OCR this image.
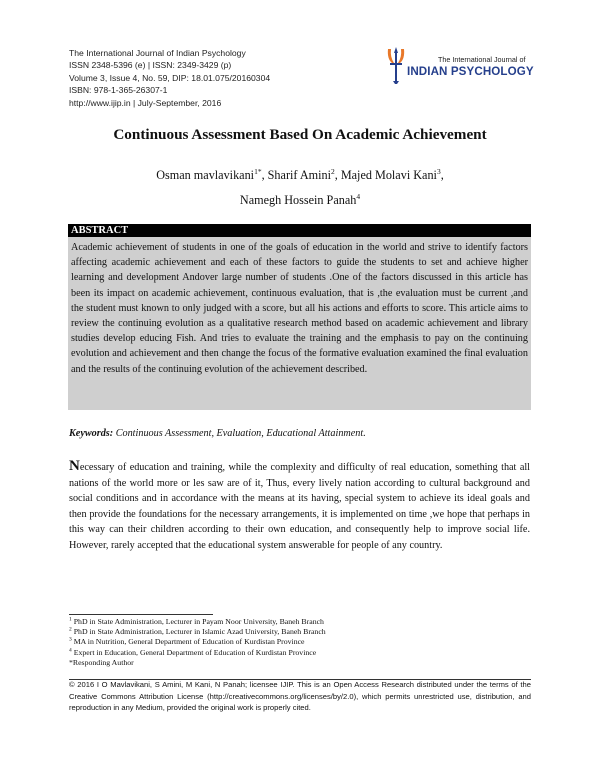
The International Journal of Indian Psychology
ISSN 2348-5396 (e) | ISSN: 2349-3429 (p)
Volume 3, Issue 4, No. 59, DIP: 18.01.075/20160304
ISBN: 978-1-365-26307-1
http://www.ijip.in | July-September, 2016
The International Journal of
INDIAN PSYCHOLOGY
Continuous Assessment Based On Academic Achievement
Osman mavlavikani$^{1*}$, Sharif Amini$^2$, Majed Molavi Kani$^3$,
Namegh Hossein Panah$^4$
ABSTRACT
Academic achievement of students in one of the goals of education in the world and strive to identify factors affecting academic achievement and each of these factors to guide the students to set and achieve higher learning and development Andover large number of students .One of the factors discussed in this article has been its impact on academic achievement, continuous evaluation, that is ,the evaluation must be current ,and the student must known to only judged with a score, but all his actions and efforts to score. This article aims to review the continuing evolution as a qualitative research method based on academic achievement and library studies develop educing Fish. And tries to evaluate the training and the emphasis to pay on the continuing evolution and achievement and then change the focus of the formative evaluation examined the final evaluation and the results of the continuing evolution of the achievement described.
Keywords: Continuous Assessment, Evaluation, Educational Attainment.
Necessary of education and training, while the complexity and difficulty of real education, something that all nations of the world more or les saw are of it, Thus, every lively nation according to cultural background and social conditions and in accordance with the means at its having, special system to achieve its ideal goals and then provide the foundations for the necessary arrangements, it is implemented on time ,we hope that perhaps in this way can their children according to their own education, and consequently help to improve social life. However, rarely accepted that the educational system answerable for people of any country.
$^1$ PhD in State Administration, Lecturer in Payam Noor University, Baneh Branch
$^2$ PhD in State Administration, Lecturer in Islamic Azad University, Baneh Branch
$^3$ MA in Nutrition, General Department of Education of Kurdistan Province
$^4$ Expert in Education, General Department of Education of Kurdistan Province
*Responding Author
© 2016 I O Mavlavikani, S Amini, M Kani, N Panah; licensee IJIP. This is an Open Access Research distributed under the terms of the Creative Commons Attribution License (http://creativecommons.org/licenses/by/2.0), which permits unrestricted use, distribution, and reproduction in any Medium, provided the original work is properly cited.
